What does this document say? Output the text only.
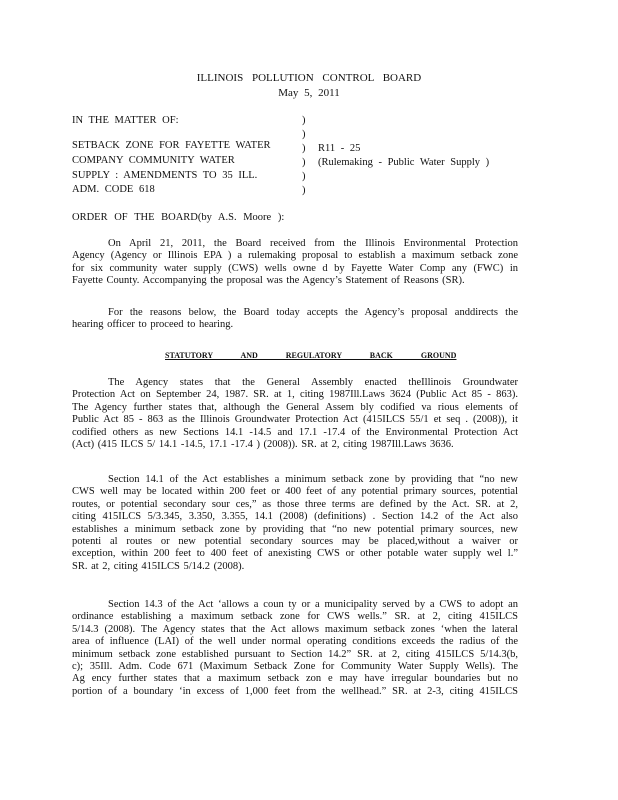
ILLINOIS POLLUTION CONTROL BOARD
May 5, 2011
IN THE MATTER OF:
SETBACK ZONE FOR FAYETTE WATER
COMPANY COMMUNITY WATER
SUPPLY : AMENDMENTS TO 35 ILL.
ADM. CODE 618
)
)
)
)
)
)
R11 - 25
(Rulemaking - Public Water Supply )
ORDER OF THE BOARD(by A.S. Moore ):
On April 21, 2011, the Board received from the Illinois Environmental Protection
Agency (Agency or Illinois EPA ) a rulemaking proposal to establish a maximum setback zone
for six community water supply (CWS) wells owne d by Fayette Water Comp any (FWC) in
Fayette County. Accompanying the proposal was the Agency’s Statement of Reasons (SR).
For the reasons below, the Board today accepts the Agency’s proposal anddirects the
hearing officer to proceed to hearing.
STATUTORY AND REGULATORY BACK GROUND
The Agency states that the General Assembly enacted theIllinois Groundwater
Protection Act on September 24, 1987. SR. at 1, citing 1987Ill.Laws 3624 (Public Act 85 - 863).
The Agency further states that, although the General Assem bly codified va rious elements of
Public Act 85 - 863 as the Illinois Groundwater Protection Act (415ILCS 55/1 et seq . (2008)), it
codified others as new Sections 14.1 -14.5 and 17.1 -17.4 of the Environmental Protection Act
(Act) (415 ILCS 5/ 14.1 -14.5, 17.1 -17.4 ) (2008)). SR. at 2, citing 1987Ill.Laws 3636.
Section 14.1 of the Act establishes a minimum setback zone by providing that “no new
CWS well may be located within 200 feet or 400 feet of any potential primary sources, potential
routes, or potential secondary sour ces,” as those three terms are defined by the Act. SR. at 2,
citing 415ILCS 5/3.345, 3.350, 3.355, 14.1 (2008) (definitions) . Section 14.2 of the Act also
establishes a minimum setback zone by providing that “no new potential primary sources, new
potenti al routes or new potential secondary sources may be placed,without a waiver or
exception, within 200 feet to 400 feet of anexisting CWS or other potable water supply wel l.”
SR. at 2, citing 415ILCS 5/14.2 (2008).
Section 14.3 of the Act ‘allows a coun ty or a municipality served by a CWS to adopt an
ordinance establishing a maximum setback zone for CWS wells.” SR. at 2, citing 415ILCS
5/14.3 (2008). The Agency states that the Act allows maximum setback zones ‘when the lateral
area of influence (LAI) of the well under normal operating conditions exceeds the radius of the
minimum setback zone established pursuant to Section 14.2” SR. at 2, citing 415ILCS 5/14.3(b,
c); 35Ill. Adm. Code 671 (Maximum Setback Zone for Community Water Supply Wells). The
Ag ency further states that a maximum setback zon e may have irregular boundaries but no
portion of a boundary ‘in excess of 1,000 feet from the wellhead.” SR. at 2-3, citing 415ILCS
